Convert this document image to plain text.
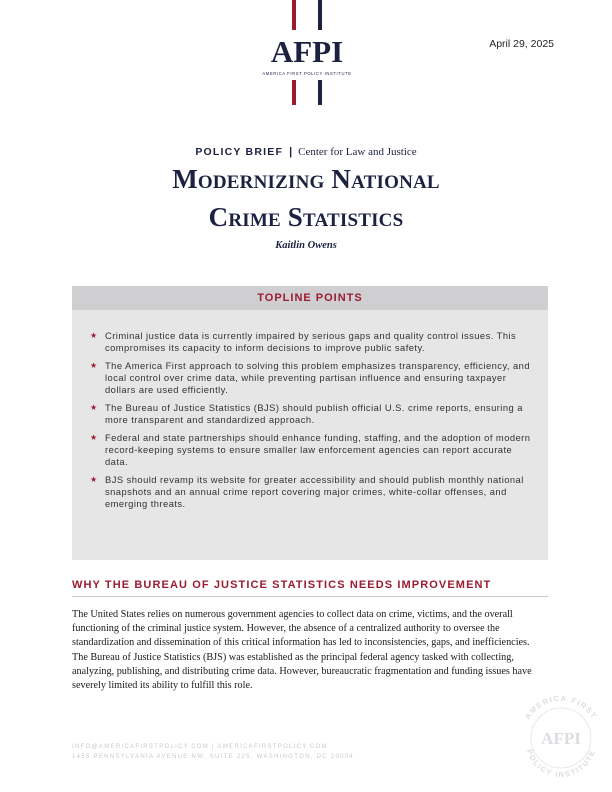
AFPI
AMERICA FIRST POLICY INSTITUTE
April 29, 2025
POLICY BRIEF | Center for Law and Justice
Modernizing National
Crime Statistics
Kaitlin Owens
TOPLINE POINTS
★ Criminal justice data is currently impaired by serious gaps and quality control issues. This compromises its capacity to inform decisions to improve public safety.
★ The America First approach to solving this problem emphasizes transparency, efficiency, and local control over crime data, while preventing partisan influence and ensuring taxpayer dollars are used efficiently.
★ The Bureau of Justice Statistics (BJS) should publish official U.S. crime reports, ensuring a more transparent and standardized approach.
★ Federal and state partnerships should enhance funding, staffing, and the adoption of modern record-keeping systems to ensure smaller law enforcement agencies can report accurate data.
★ BJS should revamp its website for greater accessibility and should publish monthly national snapshots and an annual crime report covering major crimes, white-collar offenses, and emerging threats.
WHY THE BUREAU OF JUSTICE STATISTICS NEEDS IMPROVEMENT
The United States relies on numerous government agencies to collect data on crime, victims, and the overall functioning of the criminal justice system. However, the absence of a centralized authority to oversee the standardization and dissemination of this critical information has led to inconsistencies, gaps, and inefficiencies. The Bureau of Justice Statistics (BJS) was established as the principal federal agency tasked with collecting, analyzing, publishing, and distributing crime data. However, bureaucratic fragmentation and funding issues have severely limited its ability to fulfill this role.
INFO@AMERICAFIRSTPOLICY.COM | AMERICAFIRSTPOLICY.COM
1455 PENNSYLVANIA AVENUE NW, SUITE 225, WASHINGTON, DC 20004
AMERICA FIRST
AFPI
POLICY INSTITUTE
